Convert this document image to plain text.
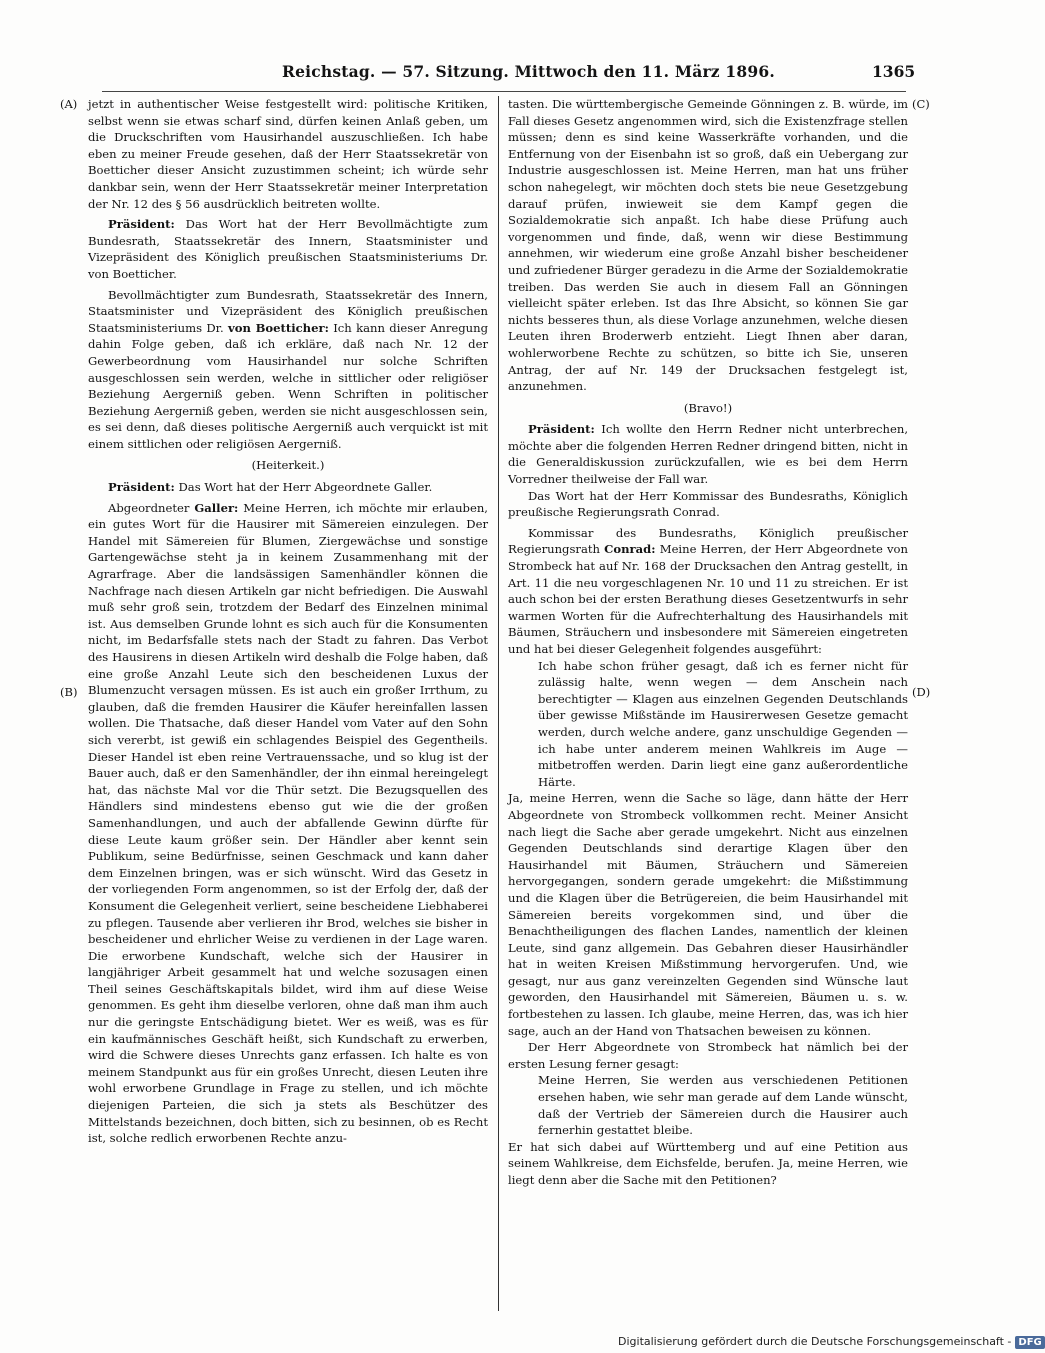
Reichstag. — 57. Sitzung. Mittwoch den 11. März 1896.	1365
(A)
(B)
(C)
(D)

jetzt in authentischer Weise festgestellt wird: politische Kritiken, selbst wenn sie etwas scharf sind, dürfen keinen Anlaß geben, um die Druckschriften vom Hausirhandel auszuschließen. Ich habe eben zu meiner Freude gesehen, daß der Herr Staatssekretär von Boetticher dieser Ansicht zuzustimmen scheint; ich würde sehr dankbar sein, wenn der Herr Staatssekretär meiner Interpretation der Nr. 12 des § 56 ausdrücklich beitreten wollte.

Präsident: Das Wort hat der Herr Bevollmächtigte zum Bundesrath, Staatssekretär des Innern, Staatsminister und Vizepräsident des Königlich preußischen Staatsministeriums Dr. von Boetticher.

Bevollmächtigter zum Bundesrath, Staatssekretär des Innern, Staatsminister und Vizepräsident des Königlich preußischen Staatsministeriums Dr. von Boetticher: Ich kann dieser Anregung dahin Folge geben, daß ich erkläre, daß nach Nr. 12 der Gewerbeordnung vom Hausirhandel nur solche Schriften ausgeschlossen sein werden, welche in sittlicher oder religiöser Beziehung Aergerniß geben. Wenn Schriften in politischer Beziehung Aergerniß geben, werden sie nicht ausgeschlossen sein, es sei denn, daß dieses politische Aergerniß auch verquickt ist mit einem sittlichen oder religiösen Aergerniß.

(Heiterkeit.)

Präsident: Das Wort hat der Herr Abgeordnete Galler.

Abgeordneter Galler: Meine Herren, ich möchte mir erlauben, ein gutes Wort für die Hausirer mit Sämereien einzulegen. Der Handel mit Sämereien für Blumen, Ziergewächse und sonstige Gartengewächse steht ja in keinem Zusammenhang mit der Agrarfrage. Aber die landsässigen Samenhändler können die Nachfrage nach diesen Artikeln gar nicht befriedigen. Die Auswahl muß sehr groß sein, trotzdem der Bedarf des Einzelnen minimal ist. Aus demselben Grunde lohnt es sich auch für die Konsumenten nicht, im Bedarfsfalle stets nach der Stadt zu fahren. Das Verbot des Hausirens in diesen Artikeln wird deshalb die Folge haben, daß eine große Anzahl Leute sich den bescheidenen Luxus der Blumenzucht versagen müssen. Es ist auch ein großer Irrthum, zu glauben, daß die fremden Hausirer die Käufer hereinfallen lassen wollen. Die Thatsache, daß dieser Handel vom Vater auf den Sohn sich vererbt, ist gewiß ein schlagendes Beispiel des Gegentheils. Dieser Handel ist eben reine Vertrauenssache, und so klug ist der Bauer auch, daß er den Samenhändler, der ihn einmal hereingelegt hat, das nächste Mal vor die Thür setzt. Die Bezugsquellen des Händlers sind mindestens ebenso gut wie die der großen Samenhandlungen, und auch der abfallende Gewinn dürfte für diese Leute kaum größer sein. Der Händler aber kennt sein Publikum, seine Bedürfnisse, seinen Geschmack und kann daher dem Einzelnen bringen, was er sich wünscht. Wird das Gesetz in der vorliegenden Form angenommen, so ist der Erfolg der, daß der Konsument die Gelegenheit verliert, seine bescheidene Liebhaberei zu pflegen. Tausende aber verlieren ihr Brod, welches sie bisher in bescheidener und ehrlicher Weise zu verdienen in der Lage waren. Die erworbene Kundschaft, welche sich der Hausirer in langjähriger Arbeit gesammelt hat und welche sozusagen einen Theil seines Geschäftskapitals bildet, wird ihm auf diese Weise genommen. Es geht ihm dieselbe verloren, ohne daß man ihm auch nur die geringste Entschädigung bietet. Wer es weiß, was es für ein kaufmännisches Geschäft heißt, sich Kundschaft zu erwerben, wird die Schwere dieses Unrechts ganz erfassen. Ich halte es von meinem Standpunkt aus für ein großes Unrecht, diesen Leuten ihre wohl erworbene Grundlage in Frage zu stellen, und ich möchte diejenigen Parteien, die sich ja stets als Beschützer des Mittelstands bezeichnen, doch bitten, sich zu besinnen, ob es Recht ist, solche redlich erworbenen Rechte anzu-

tasten. Die württembergische Gemeinde Gönningen z. B. würde, im Fall dieses Gesetz angenommen wird, sich die Existenzfrage stellen müssen; denn es sind keine Wasserkräfte vorhanden, und die Entfernung von der Eisenbahn ist so groß, daß ein Uebergang zur Industrie ausgeschlossen ist. Meine Herren, man hat uns früher schon nahegelegt, wir möchten doch stets bie neue Gesetzgebung darauf prüfen, inwieweit sie dem Kampf gegen die Sozialdemokratie sich anpaßt. Ich habe diese Prüfung auch vorgenommen und finde, daß, wenn wir diese Bestimmung annehmen, wir wiederum eine große Anzahl bisher bescheidener und zufriedener Bürger geradezu in die Arme der Sozialdemokratie treiben. Das werden Sie auch in diesem Fall an Gönningen vielleicht später erleben. Ist das Ihre Absicht, so können Sie gar nichts besseres thun, als diese Vorlage anzunehmen, welche diesen Leuten ihren Broderwerb entzieht. Liegt Ihnen aber daran, wohlerworbene Rechte zu schützen, so bitte ich Sie, unseren Antrag, der auf Nr. 149 der Drucksachen festgelegt ist, anzunehmen.

(Bravo!)

Präsident: Ich wollte den Herrn Redner nicht unterbrechen, möchte aber die folgenden Herren Redner dringend bitten, nicht in die Generaldiskussion zurückzufallen, wie es bei dem Herrn Vorredner theilweise der Fall war.

Das Wort hat der Herr Kommissar des Bundesraths, Königlich preußische Regierungsrath Conrad.

Kommissar des Bundesraths, Königlich preußischer Regierungsrath Conrad: Meine Herren, der Herr Abgeordnete von Strombeck hat auf Nr. 168 der Drucksachen den Antrag gestellt, in Art. 11 die neu vorgeschlagenen Nr. 10 und 11 zu streichen. Er ist auch schon bei der ersten Berathung dieses Gesetzentwurfs in sehr warmen Worten für die Aufrechterhaltung des Hausirhandels mit Bäumen, Sträuchern und insbesondere mit Sämereien eingetreten und hat bei dieser Gelegenheit folgendes ausgeführt:

Ich habe schon früher gesagt, daß ich es ferner nicht für zulässig halte, wenn wegen — dem Anschein nach berechtigter — Klagen aus einzelnen Gegenden Deutschlands über gewisse Mißstände im Hausirerwesen Gesetze gemacht werden, durch welche andere, ganz unschuldige Gegenden — ich habe unter anderem meinen Wahlkreis im Auge — mitbetroffen werden. Darin liegt eine ganz außerordentliche Härte.

Ja, meine Herren, wenn die Sache so läge, dann hätte der Herr Abgeordnete von Strombeck vollkommen recht. Meiner Ansicht nach liegt die Sache aber gerade umgekehrt. Nicht aus einzelnen Gegenden Deutschlands sind derartige Klagen über den Hausirhandel mit Bäumen, Sträuchern und Sämereien hervorgegangen, sondern gerade umgekehrt: die Mißstimmung und die Klagen über die Betrügereien, die beim Hausirhandel mit Sämereien bereits vorgekommen sind, und über die Benachtheiligungen des flachen Landes, namentlich der kleinen Leute, sind ganz allgemein. Das Gebahren dieser Hausirhändler hat in weiten Kreisen Mißstimmung hervorgerufen. Und, wie gesagt, nur aus ganz vereinzelten Gegenden sind Wünsche laut geworden, den Hausirhandel mit Sämereien, Bäumen u. s. w. fortbestehen zu lassen. Ich glaube, meine Herren, das, was ich hier sage, auch an der Hand von Thatsachen beweisen zu können.

Der Herr Abgeordnete von Strombeck hat nämlich bei der ersten Lesung ferner gesagt:

Meine Herren, Sie werden aus verschiedenen Petitionen ersehen haben, wie sehr man gerade auf dem Lande wünscht, daß der Vertrieb der Sämereien durch die Hausirer auch fernerhin gestattet bleibe.

Er hat sich dabei auf Württemberg und auf eine Petition aus seinem Wahlkreise, dem Eichsfelde, berufen. Ja, meine Herren, wie liegt denn aber die Sache mit den Petitionen?

Digitalisierung gefördert durch die Deutsche Forschungsgemeinschaft - DFG
